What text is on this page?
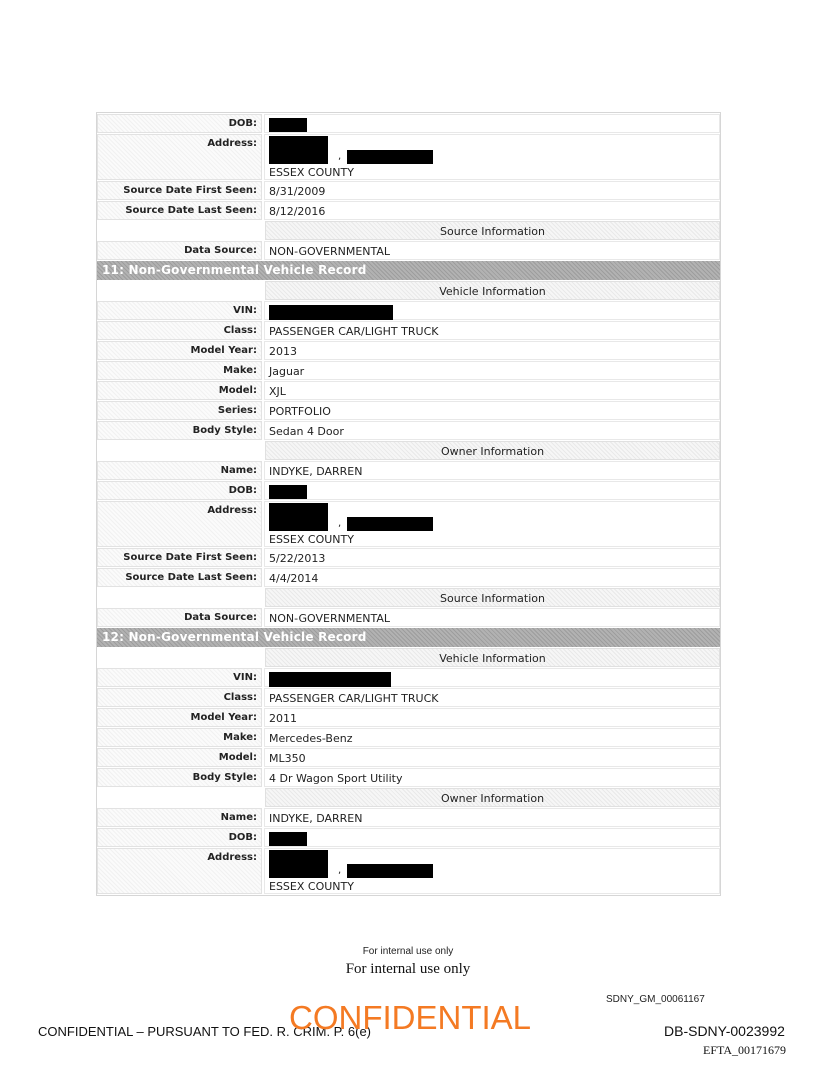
DOB:
Address:
,
ESSEX COUNTY
Source Date First Seen:	8/31/2009
Source Date Last Seen:	8/12/2016
Source Information
Data Source:	NON-GOVERNMENTAL
11: Non-Governmental Vehicle Record
Vehicle Information
VIN:
Class:	PASSENGER CAR/LIGHT TRUCK
Model Year:	2013
Make:	Jaguar
Model:	XJL
Series:	PORTFOLIO
Body Style:	Sedan 4 Door
Owner Information
Name:	INDYKE, DARREN
DOB:
Address:
,
ESSEX COUNTY
Source Date First Seen:	5/22/2013
Source Date Last Seen:	4/4/2014
Source Information
Data Source:	NON-GOVERNMENTAL
12: Non-Governmental Vehicle Record
Vehicle Information
VIN:
Class:	PASSENGER CAR/LIGHT TRUCK
Model Year:	2011
Make:	Mercedes-Benz
Model:	ML350
Body Style:	4 Dr Wagon Sport Utility
Owner Information
Name:	INDYKE, DARREN
DOB:
Address:
,
ESSEX COUNTY
For internal use only
For internal use only
SDNY_GM_00061167
CONFIDENTIAL – PURSUANT TO FED. R. CRIM. P. 6(e)
CONFIDENTIAL	DB-SDNY-0023992
EFTA_00171679
